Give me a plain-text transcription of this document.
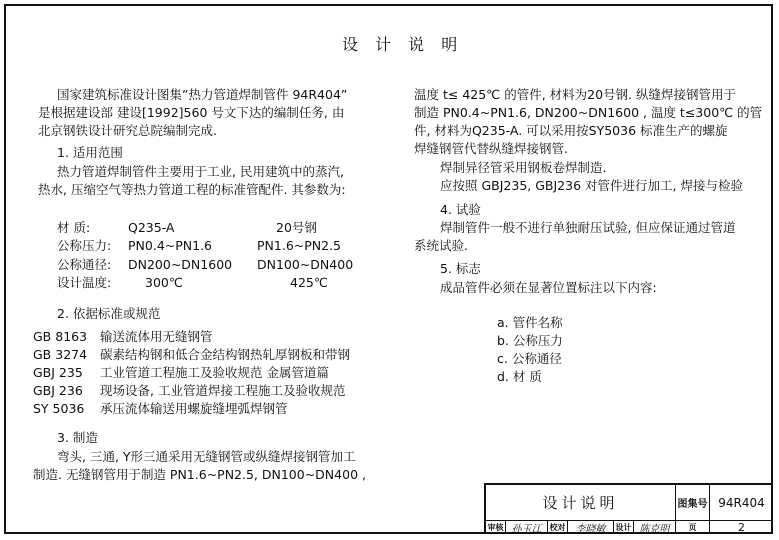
设 计 说 明
国家建筑标准设计图集”热力管道焊制管件 94R404”
是根据建设部 建设[1992]560 号文下达的编制任务, 由
北京钢铁设计研究总院编制完成.
1. 适用范围
热力管道焊制管件主要用于工业, 民用建筑中的蒸汽,
热水, 压缩空气等热力管道工程的标准管配件. 其参数为:
材 质:	Q235-A	20号钢
公称压力: PN0.4~PN1.6	PN1.6~PN2.5
公称通径: DN200~DN1600 DN100~DN400
设计温度:	300℃	425℃
2. 依据标准或规范
GB 8163 输送流体用无缝钢管
GB 3274 碳素结构钢和低合金结构钢热轧厚钢板和带钢
GBJ 235 工业管道工程施工及验收规范 金属管道篇
GBJ 236 现场设备, 工业管道焊接工程施工及验收规范
SY 5036 承压流体输送用螺旋缝埋弧焊钢管
3. 制造
弯头, 三通, Y形三通采用无缝钢管或纵缝焊接钢管加工
制造. 无缝钢管用于制造 PN1.6~PN2.5, DN100~DN400 ,
温度 t≤ 425℃ 的管件, 材料为20号钢. 纵缝焊接钢管用于
制造 PN0.4~PN1.6, DN200~DN1600 , 温度 t≤300℃ 的管
件, 材料为Q235-A. 可以采用按SY5036 标准生产的螺旋
焊缝钢管代替纵缝焊接钢管.
焊制异径管采用钢板卷焊制造.
应按照 GBJ235, GBJ236 对管件进行加工, 焊接与检验
4. 试验
焊制管件一般不进行单独耐压试验, 但应保证通过管道
系统试验.
5. 标志
成品管件必须在显著位置标注以下内容:
a. 管件名称
b. 公称压力
c. 公称通径
d. 材 质
设计说明	图集号 94R404
审核 孙玉江	校对	李晓敏	设计 陈克明	页	2
